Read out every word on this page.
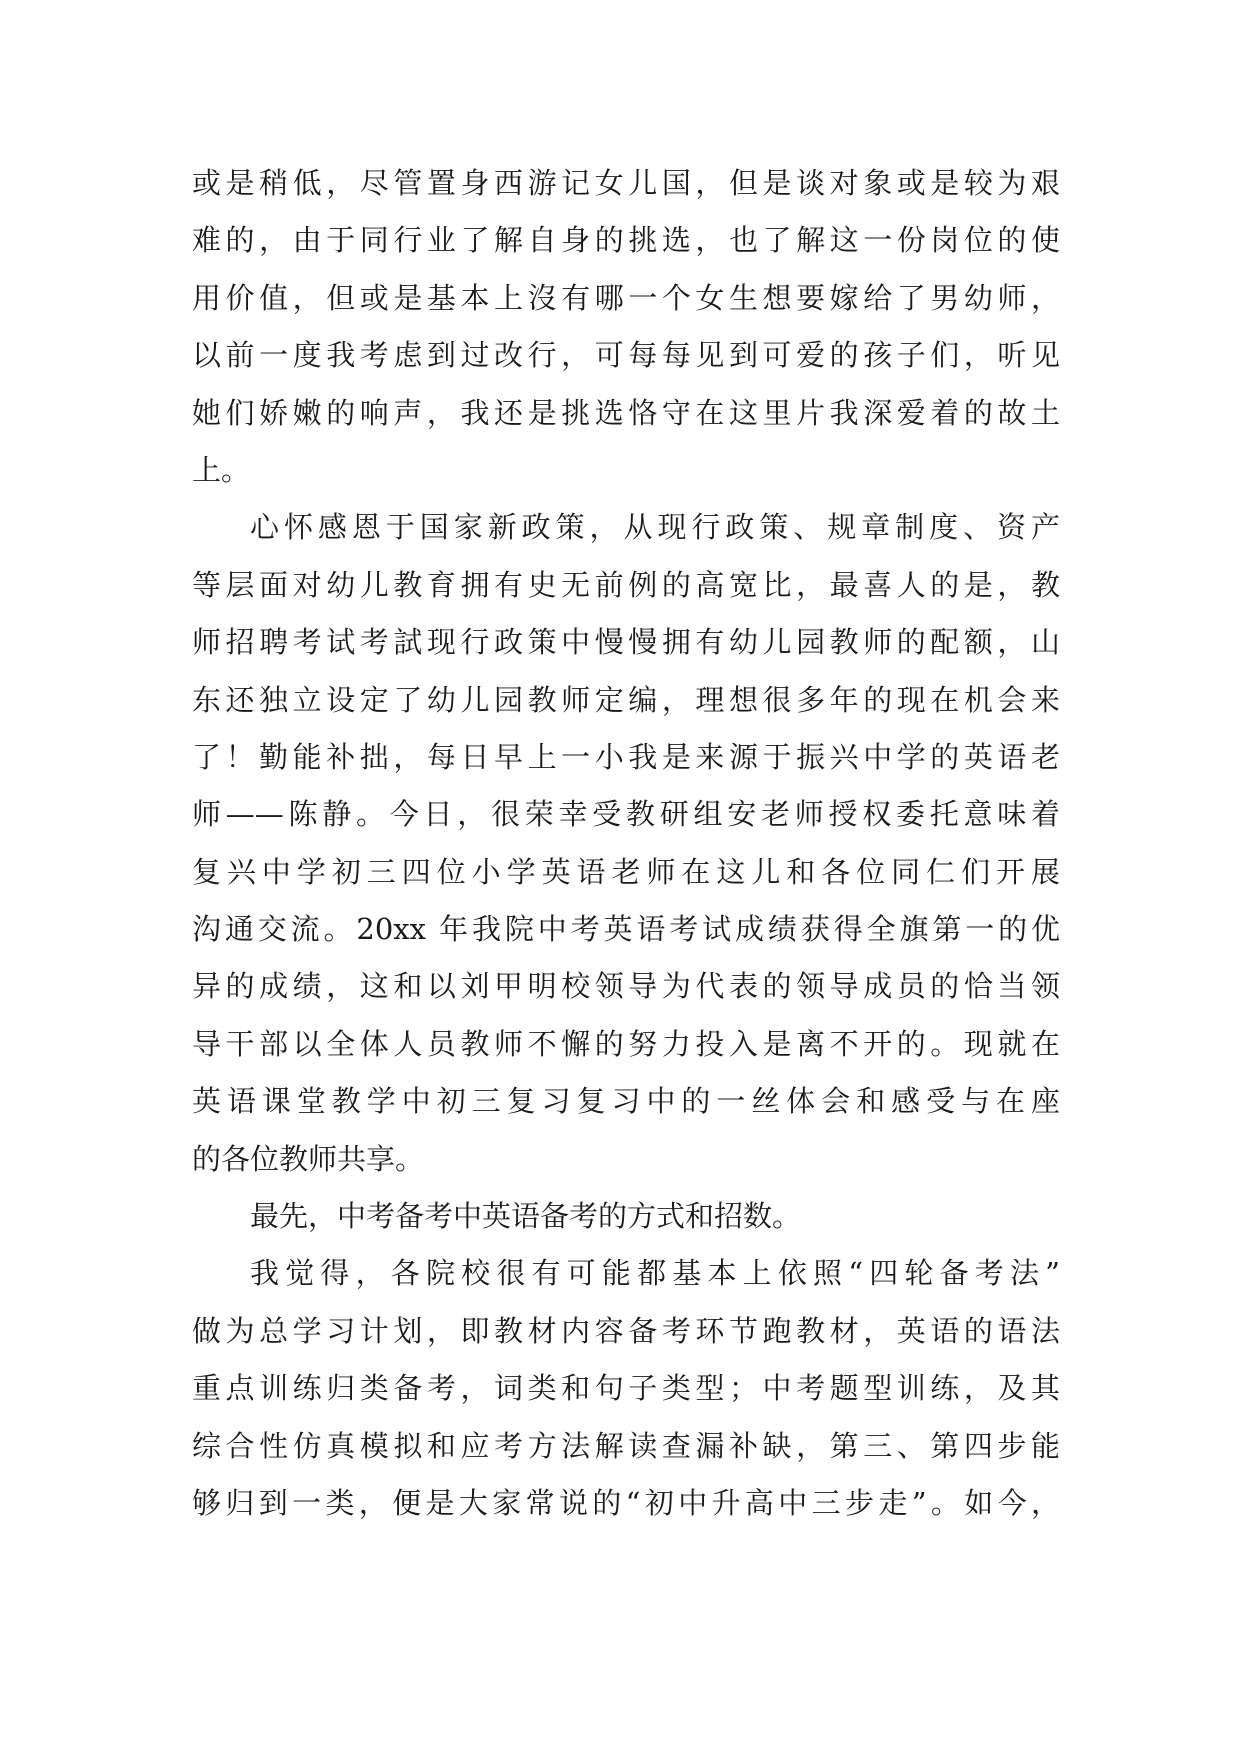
或是稍低，尽管置身西游记女儿国，但是谈对象或是较为艰
难的，由于同行业了解自身的挑选，也了解这一份岗位的使
用价值，但或是基本上沒有哪一个女生想要嫁给了男幼师，
以前一度我考虑到过改行，可每每见到可爱的孩子们，听见
她们娇嫩的响声，我还是挑选恪守在这里片我深爱着的故土
上。
心怀感恩于国家新政策，从现行政策、规章制度、资产
等层面对幼儿教育拥有史无前例的高宽比，最喜人的是，教
师招聘考试考試现行政策中慢慢拥有幼儿园教师的配额，山
东还独立设定了幼儿园教师定编，理想很多年的现在机会来
了！勤能补拙，每日早上一小我是来源于振兴中学的英语老
师——陈静。今日，很荣幸受教研组安老师授权委托意味着
复兴中学初三四位小学英语老师在这儿和各位同仁们开展
沟通交流。20xx 年我院中考英语考试成绩获得全旗第一的优
异的成绩，这和以刘甲明校领导为代表的领导成员的恰当领
导干部以全体人员教师不懈的努力投入是离不开的。现就在
英语课堂教学中初三复习复习中的一丝体会和感受与在座
的各位教师共享。
最先，中考备考中英语备考的方式和招数。
我觉得，各院校很有可能都基本上依照“四轮备考法”
做为总学习计划，即教材内容备考环节跑教材，英语的语法
重点训练归类备考，词类和句子类型；中考题型训练，及其
综合性仿真模拟和应考方法解读查漏补缺，第三、第四步能
够归到一类，便是大家常说的“初中升高中三步走”。如今，
